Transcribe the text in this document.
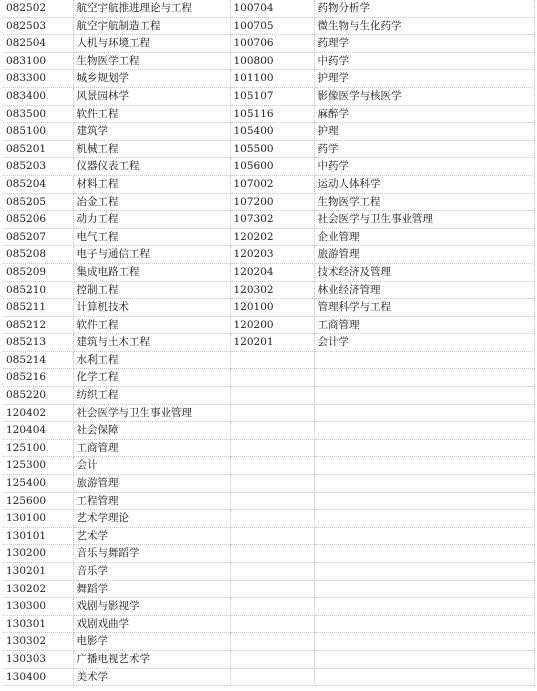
082502	航空宇航推进理论与工程	100704	药物分析学
082503	航空宇航制造工程	100705	微生物与生化药学
082504	人机与环境工程	100706	药理学
083100	生物医学工程	100800	中药学
083300	城乡规划学	101100	护理学
083400	风景园林学	105107	影像医学与核医学
083500	软件工程	105116	麻醉学
085100	建筑学	105400	护理
085201	机械工程	105500	药学
085203	仪器仪表工程	105600	中药学
085204	材料工程	107002	运动人体科学
085205	冶金工程	107200	生物医学工程
085206	动力工程	107302	社会医学与卫生事业管理
085207	电气工程	120202	企业管理
085208	电子与通信工程	120203	旅游管理
085209	集成电路工程	120204	技术经济及管理
085210	控制工程	120302	林业经济管理
085211	计算机技术	120100	管理科学与工程
085212	软件工程	120200	工商管理
085213	建筑与土木工程	120201	会计学
085214	水利工程		
085216	化学工程		
085220	纺织工程		
120402	社会医学与卫生事业管理		
120404	社会保障		
125100	工商管理		
125300	会计		
125400	旅游管理		
125600	工程管理		
130100	艺术学理论		
130101	艺术学		
130200	音乐与舞蹈学		
130201	音乐学		
130202	舞蹈学		
130300	戏剧与影视学		
130301	戏剧戏曲学		
130302	电影学		
130303	广播电视艺术学		
130400	美术学		
